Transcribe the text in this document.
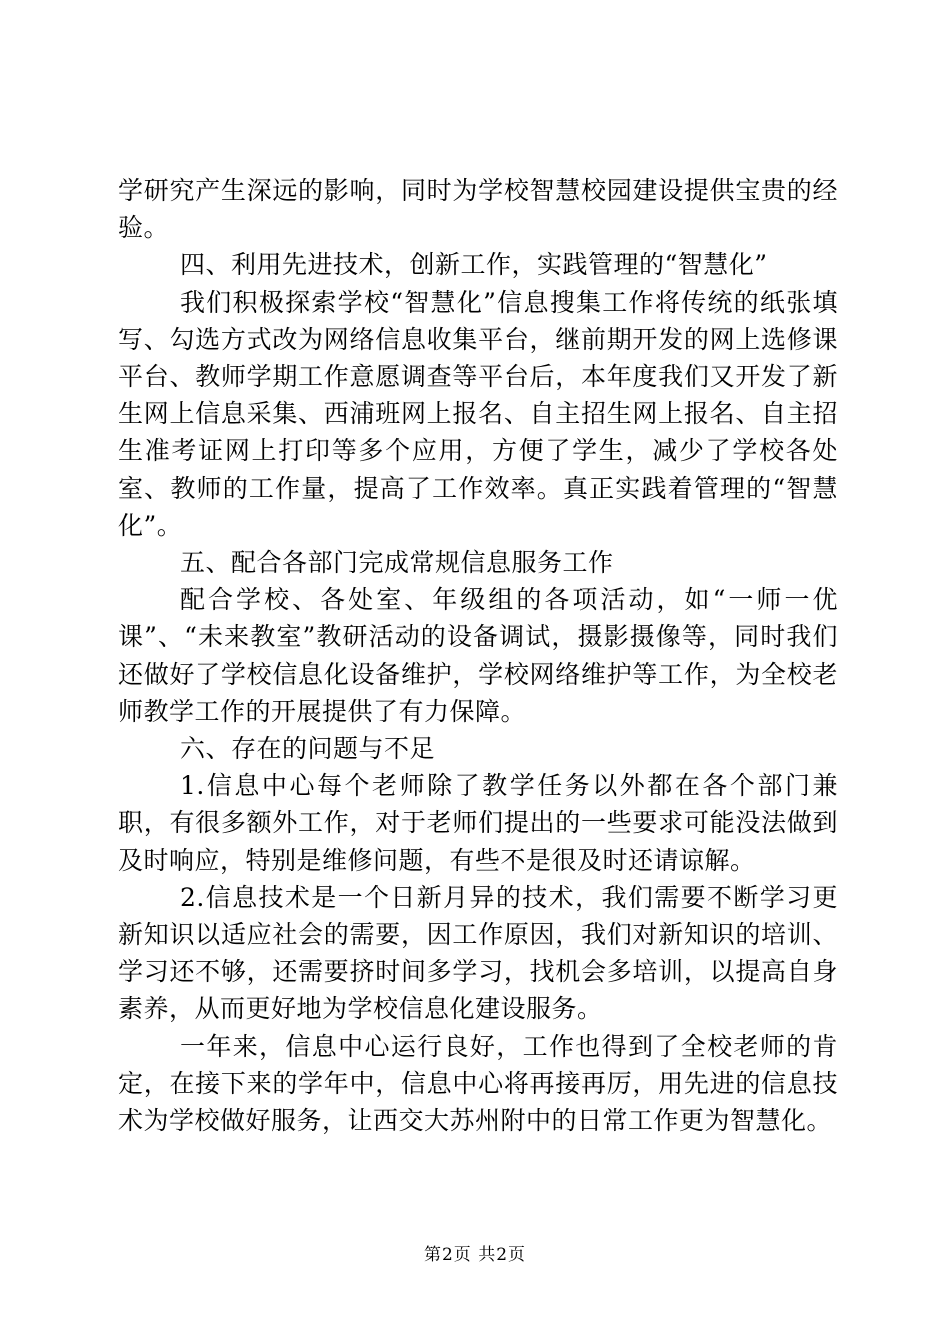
学研究产生深远的影响，同时为学校智慧校园建设提供宝贵的经验。

四、利用先进技术，创新工作，实践管理的“智慧化”

我们积极探索学校“智慧化”信息搜集工作将传统的纸张填写、勾选方式改为网络信息收集平台，继前期开发的网上选修课平台、教师学期工作意愿调查等平台后，本年度我们又开发了新生网上信息采集、西浦班网上报名、自主招生网上报名、自主招生准考证网上打印等多个应用，方便了学生，减少了学校各处室、教师的工作量，提高了工作效率。真正实践着管理的“智慧化”。

五、配合各部门完成常规信息服务工作

配合学校、各处室、年级组的各项活动，如“一师一优课”、“未来教室”教研活动的设备调试，摄影摄像等，同时我们还做好了学校信息化设备维护，学校网络维护等工作，为全校老师教学工作的开展提供了有力保障。

六、存在的问题与不足

1.信息中心每个老师除了教学任务以外都在各个部门兼职，有很多额外工作，对于老师们提出的一些要求可能没法做到及时响应，特别是维修问题，有些不是很及时还请谅解。

2.信息技术是一个日新月异的技术，我们需要不断学习更新知识以适应社会的需要，因工作原因，我们对新知识的培训、学习还不够，还需要挤时间多学习，找机会多培训，以提高自身素养，从而更好地为学校信息化建设服务。

一年来，信息中心运行良好，工作也得到了全校老师的肯定，在接下来的学年中，信息中心将再接再厉，用先进的信息技术为学校做好服务，让西交大苏州附中的日常工作更为智慧化。

第2页 共2页
